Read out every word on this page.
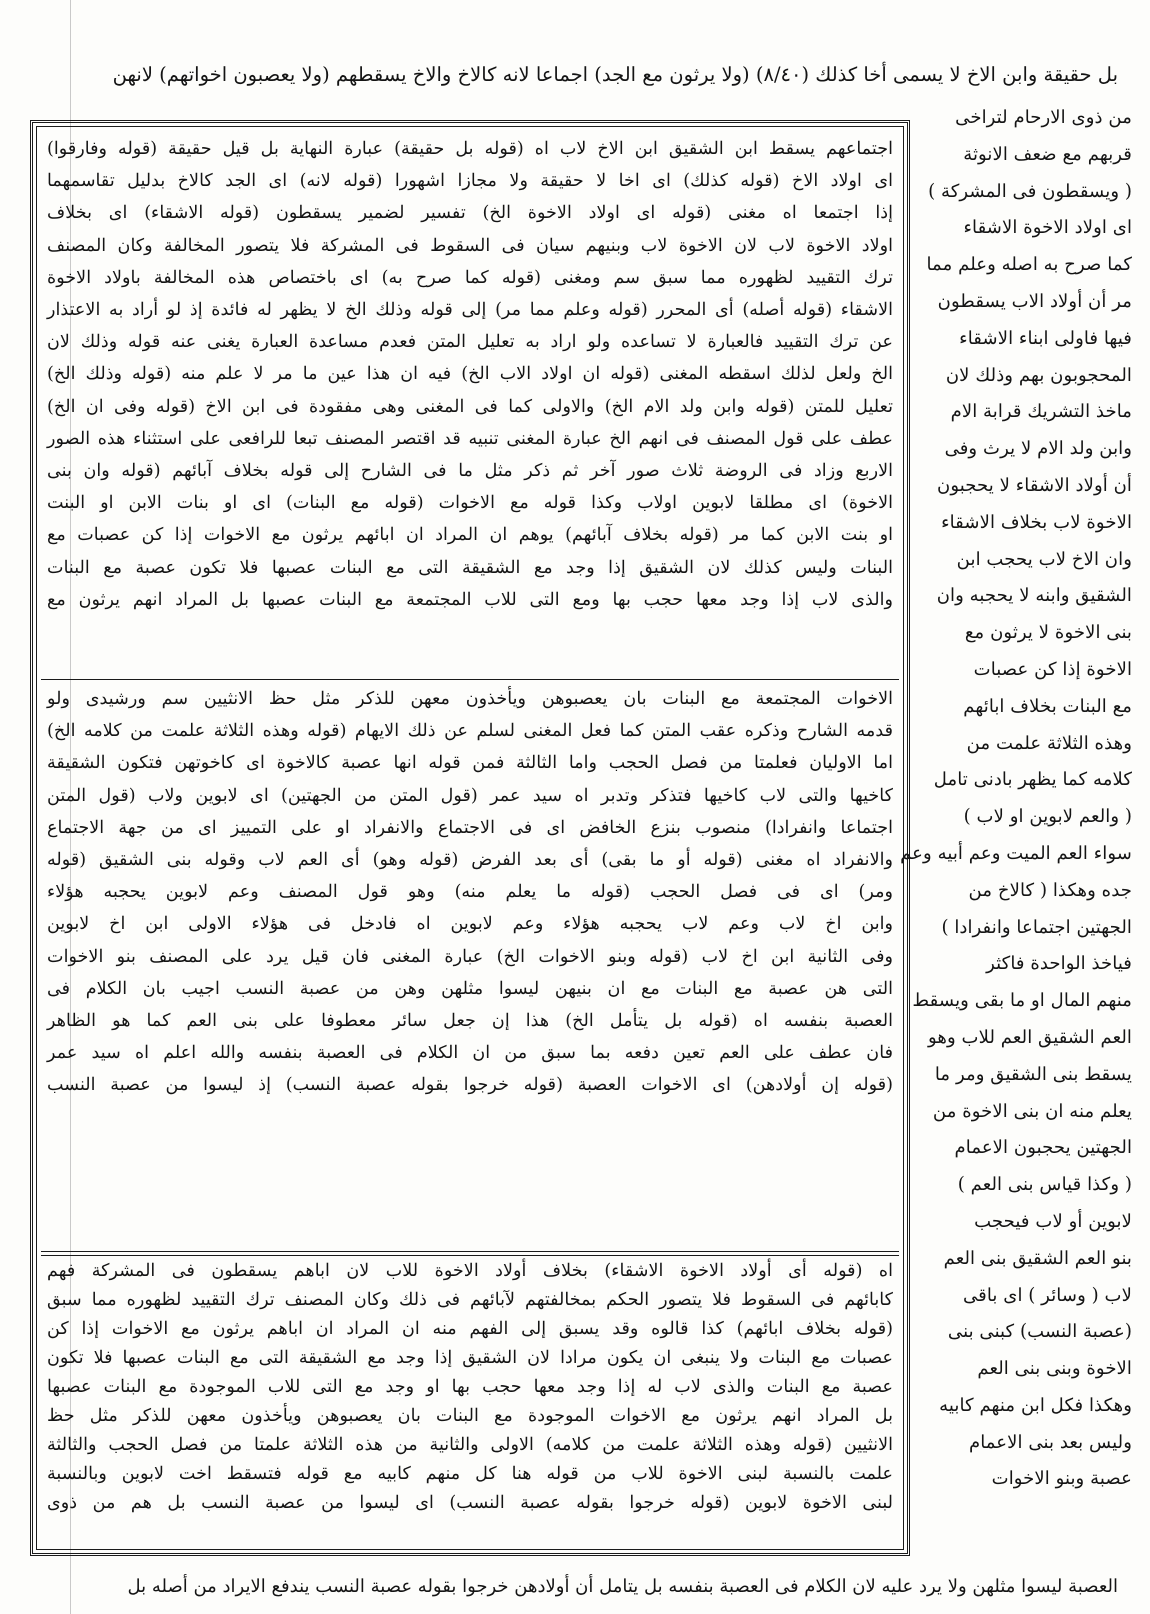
بل حقيقة وابن الاخ لا يسمى أخا كذلك (٨/٤٠) (ولا يرثون مع الجد) اجماعا لانه كالاخ والاخ يسقطهم (ولا يعصبون اخواتهم) لانهن
من ذوى الارحام لتراخى
قربهم مع ضعف الانوثة
( ويسقطون فى المشركة )
اى اولاد الاخوة الاشقاء
كما صرح به اصله وعلم مما
مر أن أولاد الاب يسقطون
فيها فاولى ابناء الاشقاء
المحجوبون بهم وذلك لان
ماخذ التشريك قرابة الام
وابن ولد الام لا يرث وفى
أن أولاد الاشقاء لا يحجبون
الاخوة لاب بخلاف الاشقاء
وان الاخ لاب يحجب ابن
الشقيق وابنه لا يحجبه وان
بنى الاخوة لا يرثون مع
الاخوة إذا كن عصبات
مع البنات بخلاف ابائهم
وهذه الثلاثة علمت من
كلامه كما يظهر بادنى تامل
( والعم لابوين او لاب )
سواء العم الميت وعم أبيه وعم
جده وهكذا ( كالاخ من
الجهتين اجتماعا وانفرادا )
فياخذ الواحدة فاكثر
منهم المال او ما بقى ويسقط
العم الشقيق العم للاب وهو
يسقط بنى الشقيق ومر ما
يعلم منه ان بنى الاخوة من
الجهتين يحجبون الاعمام
( وكذا قياس بنى العم )
لابوين أو لاب فيحجب
بنو العم الشقيق بنى العم
لاب ( وسائر ) اى باقى
(عصبة النسب) كبنى بنى
الاخوة وبنى بنى العم
وهكذا فكل ابن منهم كابيه
وليس بعد بنى الاعمام
عصبة وبنو الاخوات
اجتماعهم يسقط ابن الشقيق ابن الاخ لاب اه (قوله بل حقيقة) عبارة النهاية بل قيل حقيقة (قوله وفارقوا)
اى اولاد الاخ (قوله كذلك) اى اخا لا حقيقة ولا مجازا اشهورا (قوله لانه) اى الجد كالاخ بدليل تقاسمهما
إذا اجتمعا اه مغنى (قوله اى اولاد الاخوة الخ) تفسير لضمير يسقطون (قوله الاشقاء) اى بخلاف
اولاد الاخوة لاب لان الاخوة لاب وبنيهم سيان فى السقوط فى المشركة فلا يتصور المخالفة وكان المصنف
ترك التقييد لظهوره مما سبق سم ومغنى (قوله كما صرح به) اى باختصاص هذه المخالفة باولاد الاخوة
الاشقاء (قوله أصله) أى المحرر (قوله وعلم مما مر) إلى قوله وذلك الخ لا يظهر له فائدة إذ لو أراد به الاعتذار
عن ترك التقييد فالعبارة لا تساعده ولو اراد به تعليل المتن فعدم مساعدة العبارة يغنى عنه قوله وذلك لان
الخ ولعل لذلك اسقطه المغنى (قوله ان اولاد الاب الخ) فيه ان هذا عين ما مر لا علم منه (قوله وذلك الخ)
تعليل للمتن (قوله وابن ولد الام الخ) والاولى كما فى المغنى وهى مفقودة فى ابن الاخ (قوله وفى ان الخ)
عطف على قول المصنف فى انهم الخ عبارة المغنى تنبيه قد اقتصر المصنف تبعا للرافعى على استثناء هذه الصور
الاربع وزاد فى الروضة ثلاث صور آخر ثم ذكر مثل ما فى الشارح إلى قوله بخلاف آبائهم (قوله وان بنى
الاخوة) اى مطلقا لابوين اولاب وكذا قوله مع الاخوات (قوله مع البنات) اى او بنات الابن او البنت
او بنت الابن كما مر (قوله بخلاف آبائهم) يوهم ان المراد ان ابائهم يرثون مع الاخوات إذا كن عصبات مع
البنات وليس كذلك لان الشقيق إذا وجد مع الشقيقة التى مع البنات عصبها فلا تكون عصبة مع البنات
والذى لاب إذا وجد معها حجب بها ومع التى للاب المجتمعة مع البنات عصبها بل المراد انهم يرثون مع
الاخوات المجتمعة مع البنات بان يعصبوهن ويأخذون معهن للذكر مثل حظ الانثيين سم ورشيدى ولو
قدمه الشارح وذكره عقب المتن كما فعل المغنى لسلم عن ذلك الايهام (قوله وهذه الثلاثة علمت من كلامه الخ)
اما الاوليان فعلمتا من فصل الحجب واما الثالثة فمن قوله انها عصبة كالاخوة اى كاخوتهن فتكون الشقيقة
كاخيها والتى لاب كاخيها فتذكر وتدبر اه سيد عمر (قول المتن من الجهتين) اى لابوين ولاب (قول المتن
اجتماعا وانفرادا) منصوب بنزع الخافض اى فى الاجتماع والانفراد او على التمييز اى من جهة الاجتماع
والانفراد اه مغنى (قوله أو ما بقى) أى بعد الفرض (قوله وهو) أى العم لاب وقوله بنى الشقيق (قوله
ومر) اى فى فصل الحجب (قوله ما يعلم منه) وهو قول المصنف وعم لابوين يحجبه هؤلاء
وابن اخ لاب وعم لاب يحجبه هؤلاء وعم لابوين اه فادخل فى هؤلاء الاولى ابن اخ لابوين
وفى الثانية ابن اخ لاب (قوله وبنو الاخوات الخ) عبارة المغنى فان قيل يرد على المصنف بنو الاخوات
التى هن عصبة مع البنات مع ان بنيهن ليسوا مثلهن وهن من عصبة النسب اجيب بان الكلام فى
العصبة بنفسه اه (قوله بل يتأمل الخ) هذا إن جعل سائر معطوفا على بنى العم كما هو الظاهر
فان عطف على العم تعين دفعه بما سبق من ان الكلام فى العصبة بنفسه والله اعلم اه سيد عمر
(قوله إن أولادهن) اى الاخوات العصبة (قوله خرجوا بقوله عصبة النسب) إذ ليسوا من عصبة النسب
اه (قوله أى أولاد الاخوة الاشقاء) بخلاف أولاد الاخوة للاب لان اباهم يسقطون فى المشركة فهم
كابائهم فى السقوط فلا يتصور الحكم بمخالفتهم لآبائهم فى ذلك وكان المصنف ترك التقييد لظهوره مما سبق
(قوله بخلاف ابائهم) كذا قالوه وقد يسبق إلى الفهم منه ان المراد ان اباهم يرثون مع الاخوات إذا كن
عصبات مع البنات ولا ينبغى ان يكون مرادا لان الشقيق إذا وجد مع الشقيقة التى مع البنات عصبها فلا تكون
عصبة مع البنات والذى لاب له إذا وجد معها حجب بها او وجد مع التى للاب الموجودة مع البنات عصبها
بل المراد انهم يرثون مع الاخوات الموجودة مع البنات بان يعصبوهن ويأخذون معهن للذكر مثل حظ
الانثيين (قوله وهذه الثلاثة علمت من كلامه) الاولى والثانية من هذه الثلاثة علمتا من فصل الحجب والثالثة
علمت بالنسبة لبنى الاخوة للاب من قوله هنا كل منهم كابيه مع قوله فتسقط اخت لابوين وبالنسبة
لبنى الاخوة لابوين (قوله خرجوا بقوله عصبة النسب) اى ليسوا من عصبة النسب بل هم من ذوى
العصبة ليسوا مثلهن ولا يرد عليه لان الكلام فى العصبة بنفسه بل يتامل أن أولادهن خرجوا بقوله عصبة النسب يندفع الايراد من أصله بل
